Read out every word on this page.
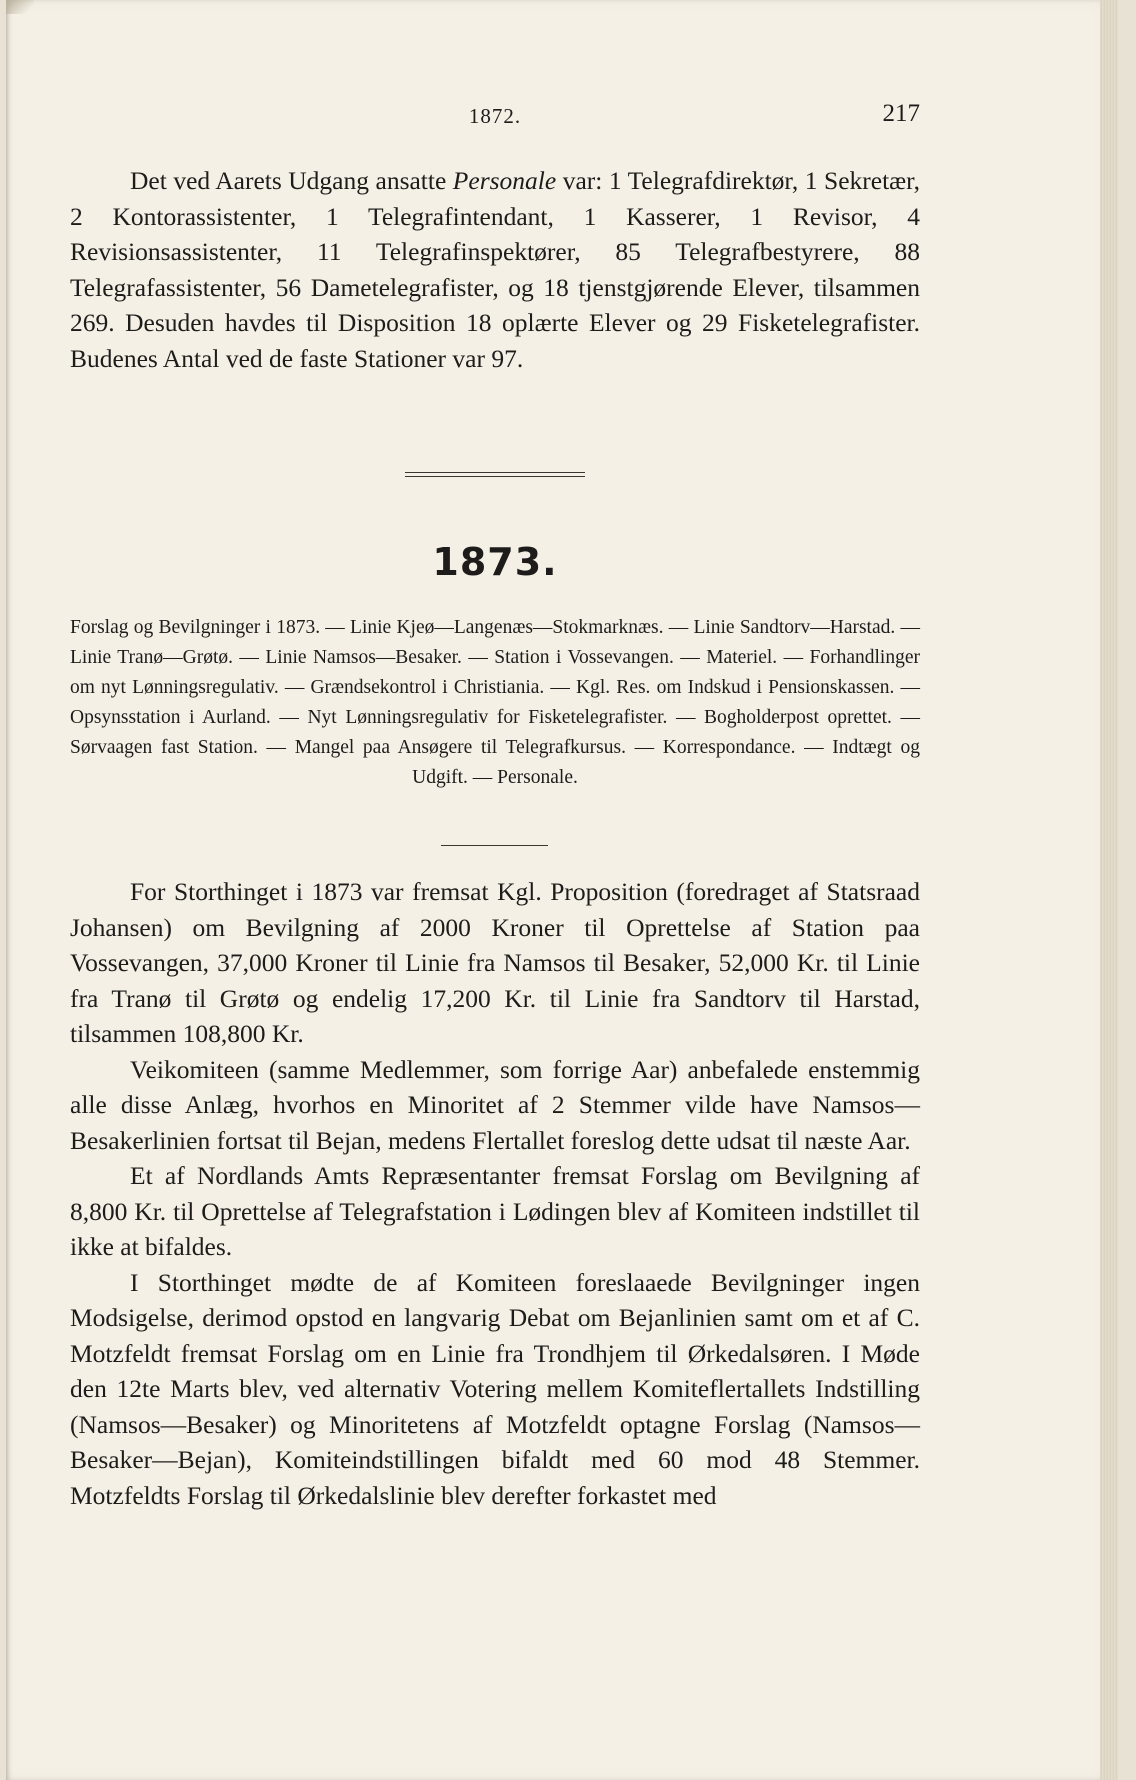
1872.	217

Det ved Aarets Udgang ansatte Personale var: 1 Telegrafdirektør, 1 Sekretær, 2 Kontorassistenter, 1 Telegrafintendant, 1 Kasserer, 1 Revisor, 4 Revisionsassistenter, 11 Telegrafinspektører, 85 Telegrafbestyrere, 88 Telegrafassistenter, 56 Dametelegrafister, og 18 tjenstgjørende Elever, tilsammen 269. Desuden havdes til Disposition 18 oplærte Elever og 29 Fisketelegrafister. Budenes Antal ved de faste Stationer var 97.

1873.
Forslag og Bevilgninger i 1873. — Linie Kjeø—Langenæs—Stokmarknæs. — Linie Sandtorv—Harstad. — Linie Tranø—Grøtø. — Linie Namsos—Besaker. — Station i Vossevangen. — Materiel. — Forhandlinger om nyt Lønningsregulativ. — Grændsekontrol i Christiania. — Kgl. Res. om Indskud i Pensionskassen. — Opsynsstation i Aurland. — Nyt Lønningsregulativ for Fisketelegrafister. — Bogholderpost oprettet. — Sørvaagen fast Station. — Mangel paa Ansøgere til Telegrafkursus. — Korrespondance. — Indtægt og Udgift. — Personale.

For Storthinget i 1873 var fremsat Kgl. Proposition (foredraget af Statsraad Johansen) om Bevilgning af 2000 Kroner til Oprettelse af Station paa Vossevangen, 37,000 Kroner til Linie fra Namsos til Besaker, 52,000 Kr. til Linie fra Tranø til Grøtø og endelig 17,200 Kr. til Linie fra Sandtorv til Harstad, tilsammen 108,800 Kr.

Veikomiteen (samme Medlemmer, som forrige Aar) anbefalede enstemmig alle disse Anlæg, hvorhos en Minoritet af 2 Stemmer vilde have Namsos—Besakerlinien fortsat til Bejan, medens Flertallet foreslog dette udsat til næste Aar.

Et af Nordlands Amts Repræsentanter fremsat Forslag om Bevilgning af 8,800 Kr. til Oprettelse af Telegrafstation i Lødingen blev af Komiteen indstillet til ikke at bifaldes.

I Storthinget mødte de af Komiteen foreslaaede Bevilgninger ingen Modsigelse, derimod opstod en langvarig Debat om Bejanlinien samt om et af C. Motzfeldt fremsat Forslag om en Linie fra Trondhjem til Ørkedalsøren. I Møde den 12te Marts blev, ved alternativ Votering mellem Komiteflertallets Indstilling (Namsos—Besaker) og Minoritetens af Motzfeldt optagne Forslag (Namsos—Besaker—Bejan), Komiteindstillingen bifaldt med 60 mod 48 Stemmer. Motzfeldts Forslag til Ørkedalslinie blev derefter forkastet med
